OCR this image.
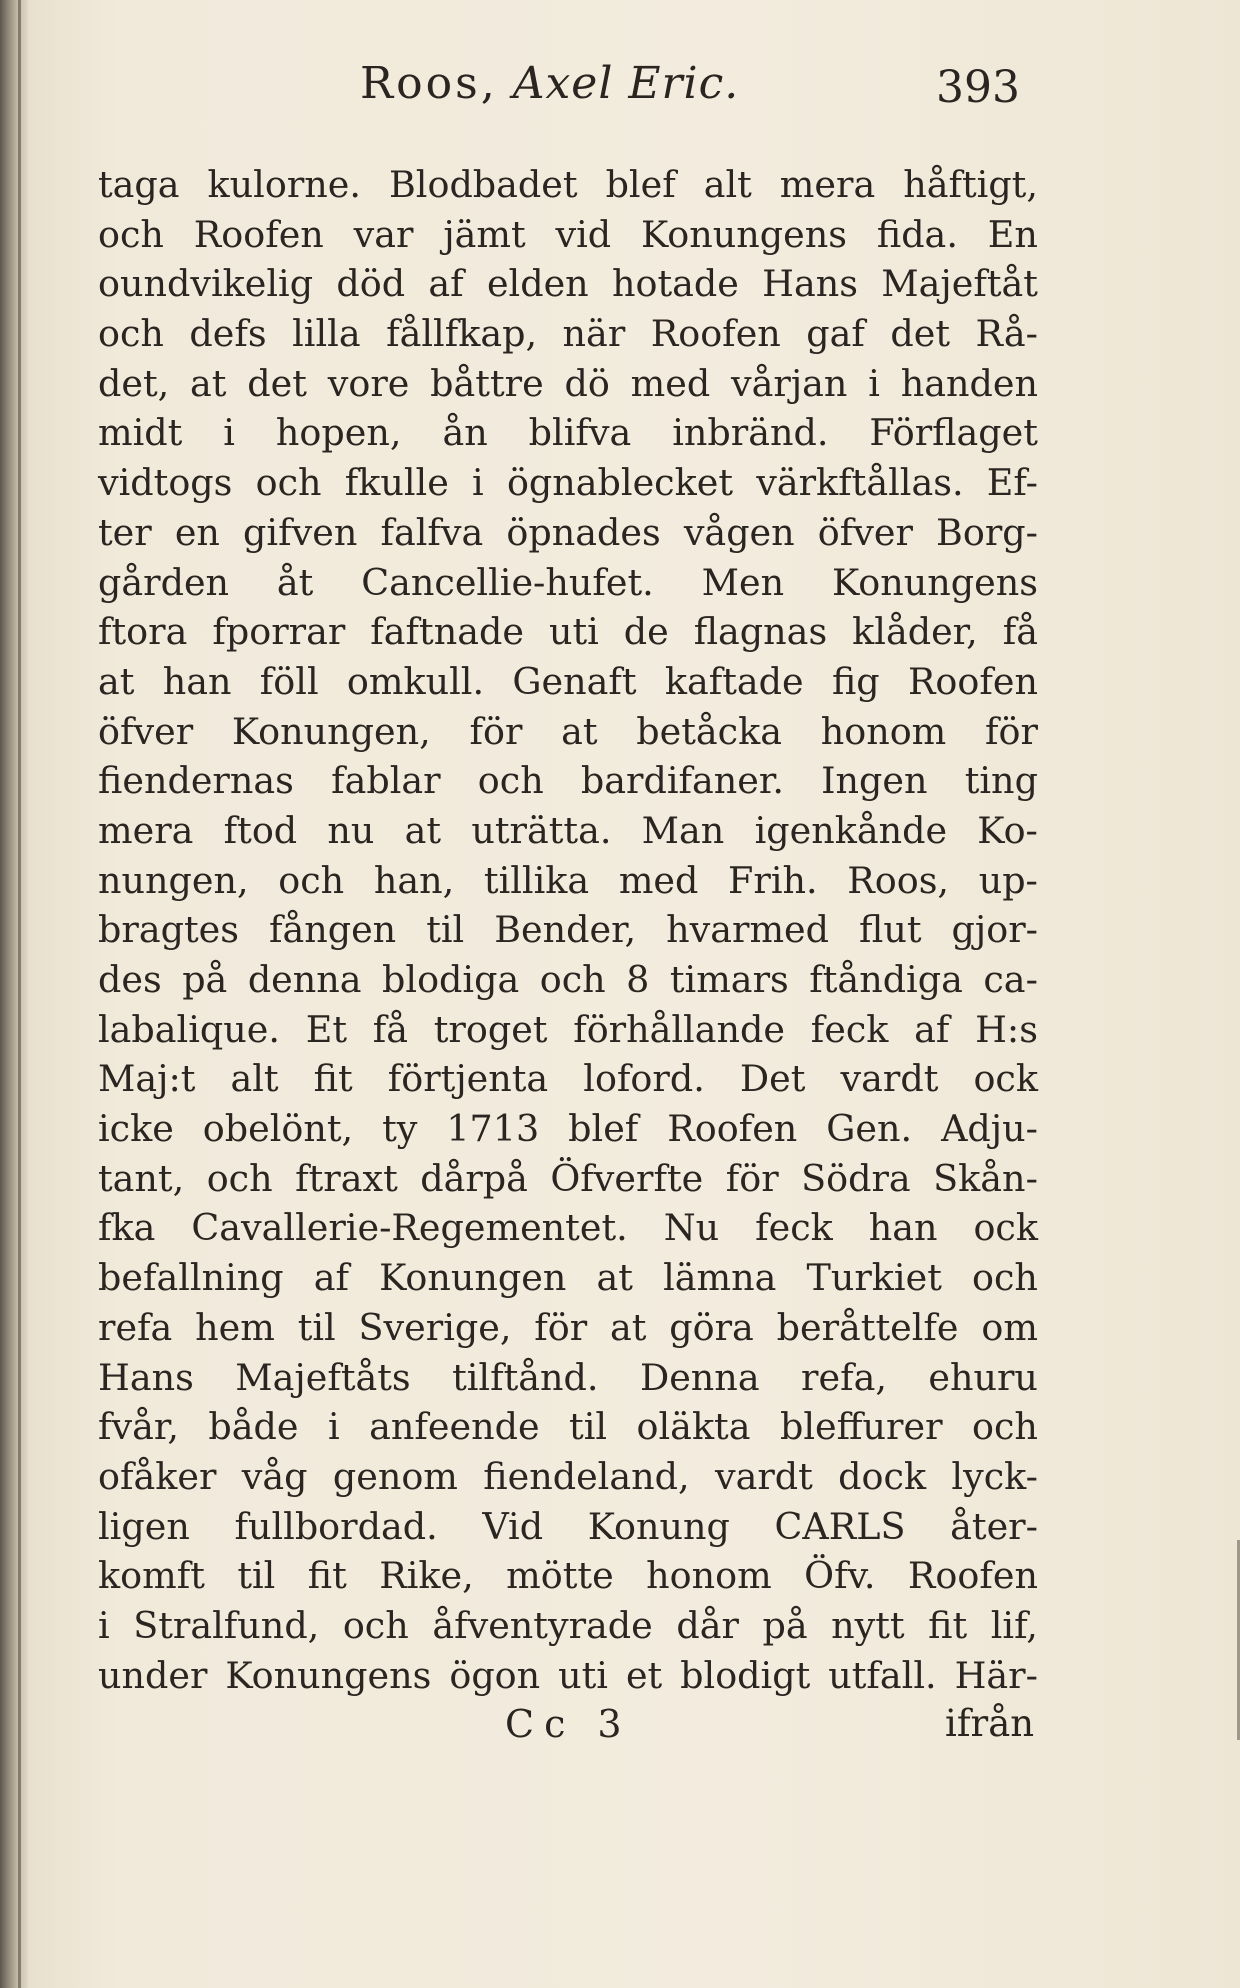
Roos, Axel Eric.	393
taga kulorne. Blodbadet blef alt mera håftigt,
och Roofen var jämt vid Konungens fida. En
oundvikelig död af elden hotade Hans Majeftåt
och defs lilla fållfkap, när Roofen gaf det Rå-
det, at det vore båttre dö med vårjan i handen
midt i hopen, ån blifva inbränd. Förflaget
vidtogs och fkulle i ögnablecket värkftållas. Ef-
ter en gifven falfva öpnades vågen öfver Borg-
gården åt Cancellie-hufet. Men Konungens
ftora fporrar faftnade uti de flagnas klåder, få
at han föll omkull. Genaft kaftade fig Roofen
öfver Konungen, för at betåcka honom för
fiendernas fablar och bardifaner. Ingen ting
mera ftod nu at uträtta. Man igenkånde Ko-
nungen, och han, tillika med Frih. Roos, up-
bragtes fången til Bender, hvarmed flut gjor-
des på denna blodiga och 8 timars ftåndiga ca-
labalique. Et få troget förhållande feck af H:s
Maj:t alt fit förtjenta loford. Det vardt ock
icke obelönt, ty 1713 blef Roofen Gen. Adju-
tant, och ftraxt dårpå Öfverfte för Södra Skån-
fka Cavallerie-Regementet. Nu feck han ock
befallning af Konungen at lämna Turkiet och
refa hem til Sverige, för at göra beråttelfe om
Hans Majeftåts tilftånd. Denna refa, ehuru
fvår, både i anfeende til oläkta bleffurer och
ofåker våg genom fiendeland, vardt dock lyck-
ligen fullbordad. Vid Konung CARLS åter-
komft til fit Rike, mötte honom Öfv. Roofen
i Stralfund, och åfventyrade dår på nytt fit lif,
under Konungens ögon uti et blodigt utfall. Här-
Cc 3	ifrån
